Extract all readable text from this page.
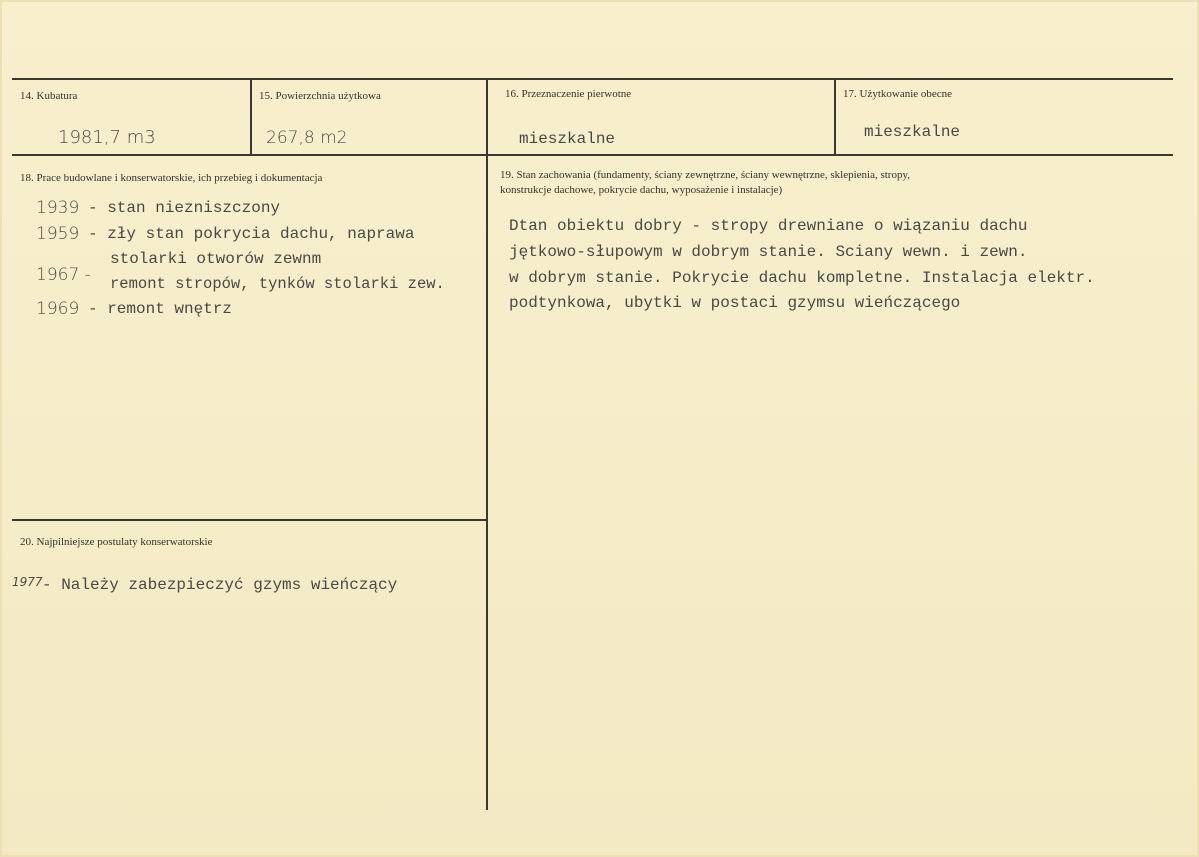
14. Kubatura
1981,7 m3
15. Powierzchnia użytkowa
267,8 m2
16. Przeznaczenie pierwotne
mieszkalne
17. Użytkowanie obecne
mieszkalne
18. Prace budowlane i konserwatorskie, ich przebieg i dokumentacja
1939 - stan niezniszczony
1959 - zły stan pokrycia dachu, naprawa
stolarki otworów zewnm
1967 - remont stropów, tynków stolarki zew.
1969 - remont wnętrz
19. Stan zachowania (fundamenty, ściany zewnętrzne, ściany wewnętrzne, sklepienia, stropy,
konstrukcje dachowe, pokrycie dachu, wyposażenie i instalacje)
Dtan obiektu dobry - stropy drewniane o wiązaniu dachu
jętkowo-słupowym w dobrym stanie. Sciany wewn. i zewn.
w dobrym stanie. Pokrycie dachu kompletne. Instalacja elektr.
podtynkowa, ubytki w postaci gzymsu wieńczącego
20. Najpilniejsze postulaty konserwatorskie
1977 - Należy zabezpieczyć gzyms wieńczący
